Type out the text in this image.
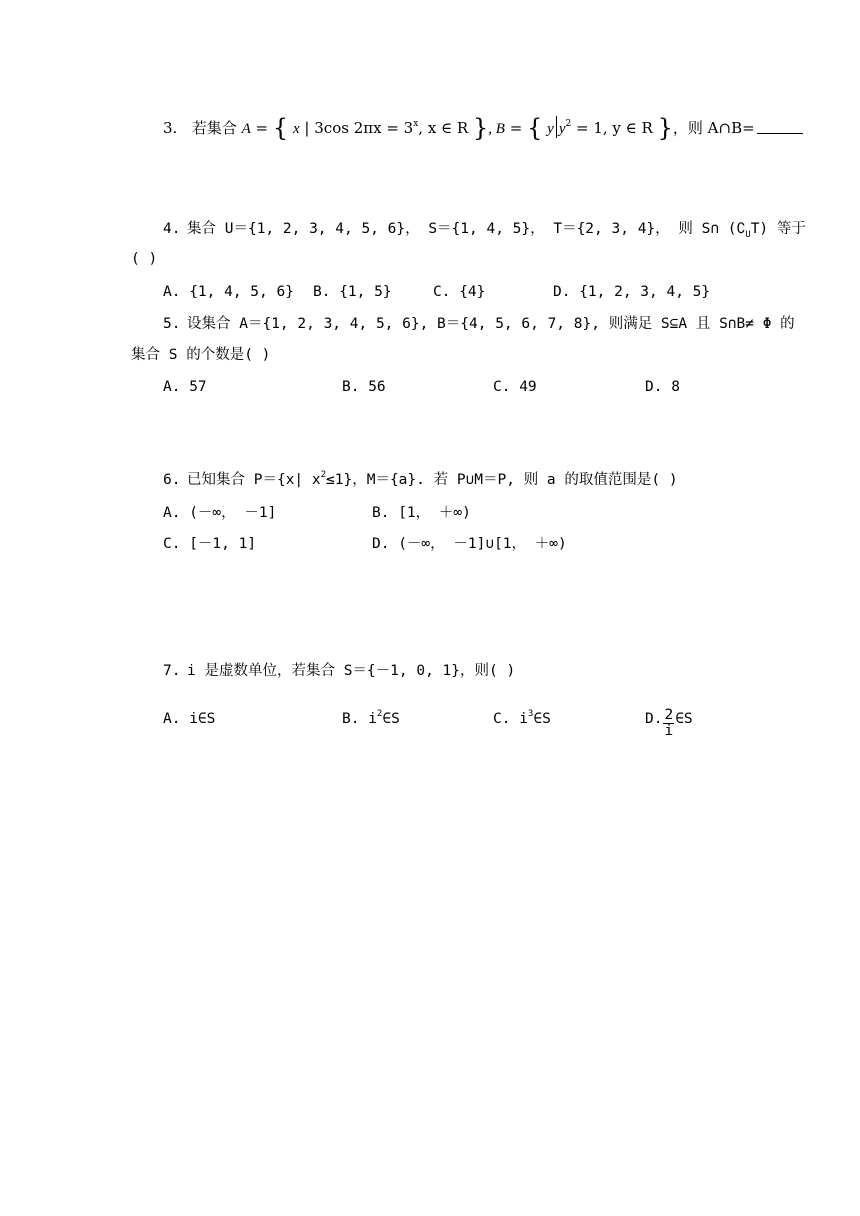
3. 若集合 A = { x | 3cos $2\pi x = 3^x$, x ∈ R }, B = { y $y^2 = 1$, y ∈ R }，则 A∩B=
4. 集合 U＝{1, 2, 3, 4, 5, 6}， S＝{1, 4, 5}， T＝{2, 3, 4}， 则 S∩ $(∁_UT)$ 等于
( )
A. {1, 4, 5, 6} B. {1, 5}	C. {4}	D. {1, 2, 3, 4, 5}
5. 设集合 A＝{1, 2, 3, 4, 5, 6}, B＝{4, 5, 6, 7, 8}, 则满足 S⊆A 且 S∩B≠ Φ 的
集合 S 的个数是( )
A. 57	B. 56	C. 49	D. 8
6. 已知集合 P＝{x| $x^2\le 1$}，M＝{a}. 若 P∪M＝P, 则 a 的取值范围是( )
A. (－∞， －1]	B. [1， ＋∞)
C. [－1, 1]	D. (－∞， －1]∪[1， ＋∞)
7. i 是虚数单位，若集合 S＝{－1, 0, 1}，则( )
A. i∈S	B. $i^2\in S$	C. $i^3\in S$	D. $\frac{2}{i}$ ∈S
